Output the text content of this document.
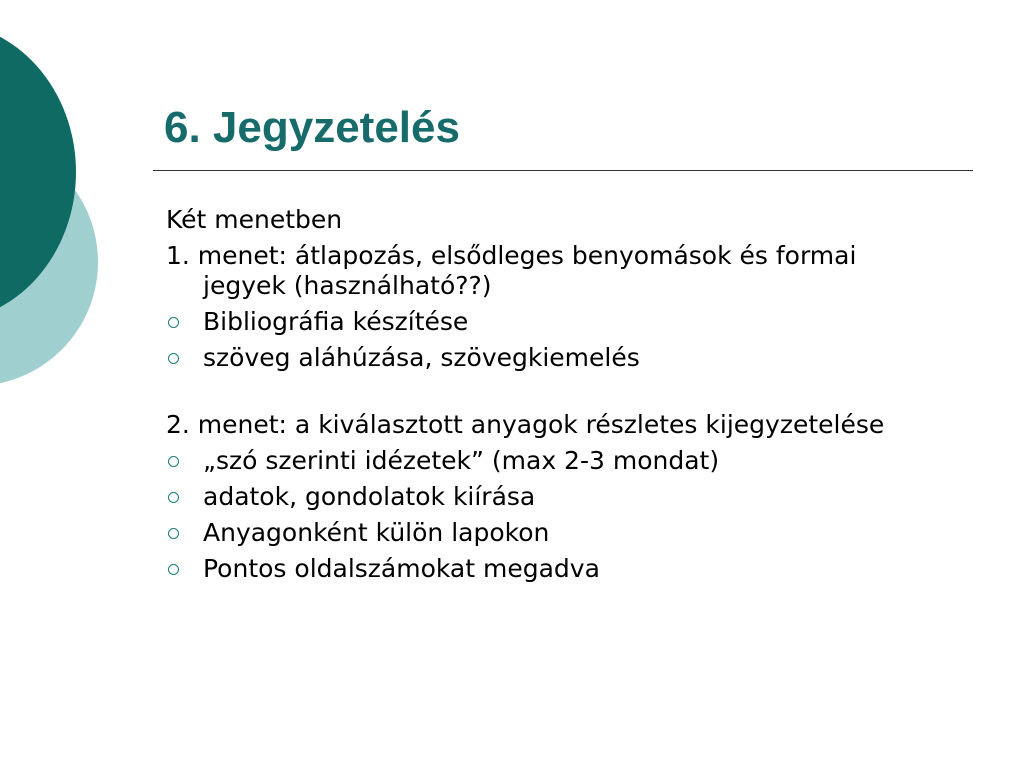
6. Jegyzetelés

Két menetben

1. menet: átlapozás, elsődleges benyomások és formai jegyek (használható??)

Bibliográfia készítése
szöveg aláhúzása, szövegkiemelés

2. menet: a kiválasztott anyagok részletes kijegyzetelése

„szó szerinti idézetek” (max 2-3 mondat)
adatok, gondolatok kiírása
Anyagonként külön lapokon
Pontos oldalszámokat megadva
